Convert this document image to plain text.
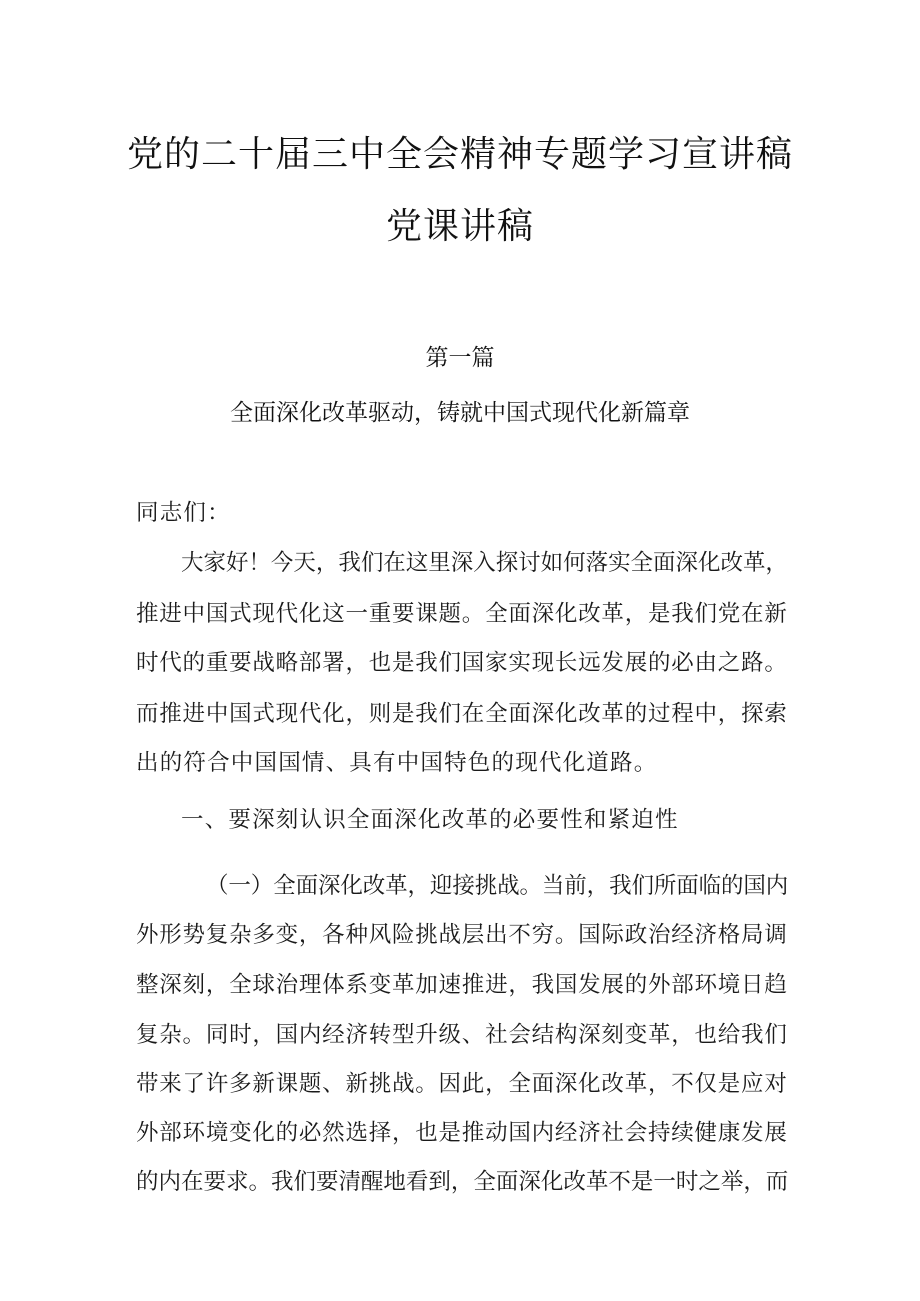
党的二十届三中全会精神专题学习宣讲稿
党课讲稿
第一篇
全面深化改革驱动，铸就中国式现代化新篇章
同志们：
大家好！今天，我们在这里深入探讨如何落实全面深化改革，
推进中国式现代化这一重要课题。全面深化改革，是我们党在新
时代的重要战略部署，也是我们国家实现长远发展的必由之路。
而推进中国式现代化，则是我们在全面深化改革的过程中，探索
出的符合中国国情、具有中国特色的现代化道路。
一、要深刻认识全面深化改革的必要性和紧迫性
（一）全面深化改革，迎接挑战。当前，我们所面临的国内
外形势复杂多变，各种风险挑战层出不穷。国际政治经济格局调
整深刻，全球治理体系变革加速推进，我国发展的外部环境日趋
复杂。同时，国内经济转型升级、社会结构深刻变革，也给我们
带来了许多新课题、新挑战。因此，全面深化改革，不仅是应对
外部环境变化的必然选择，也是推动国内经济社会持续健康发展
的内在要求。我们要清醒地看到，全面深化改革不是一时之举，而
